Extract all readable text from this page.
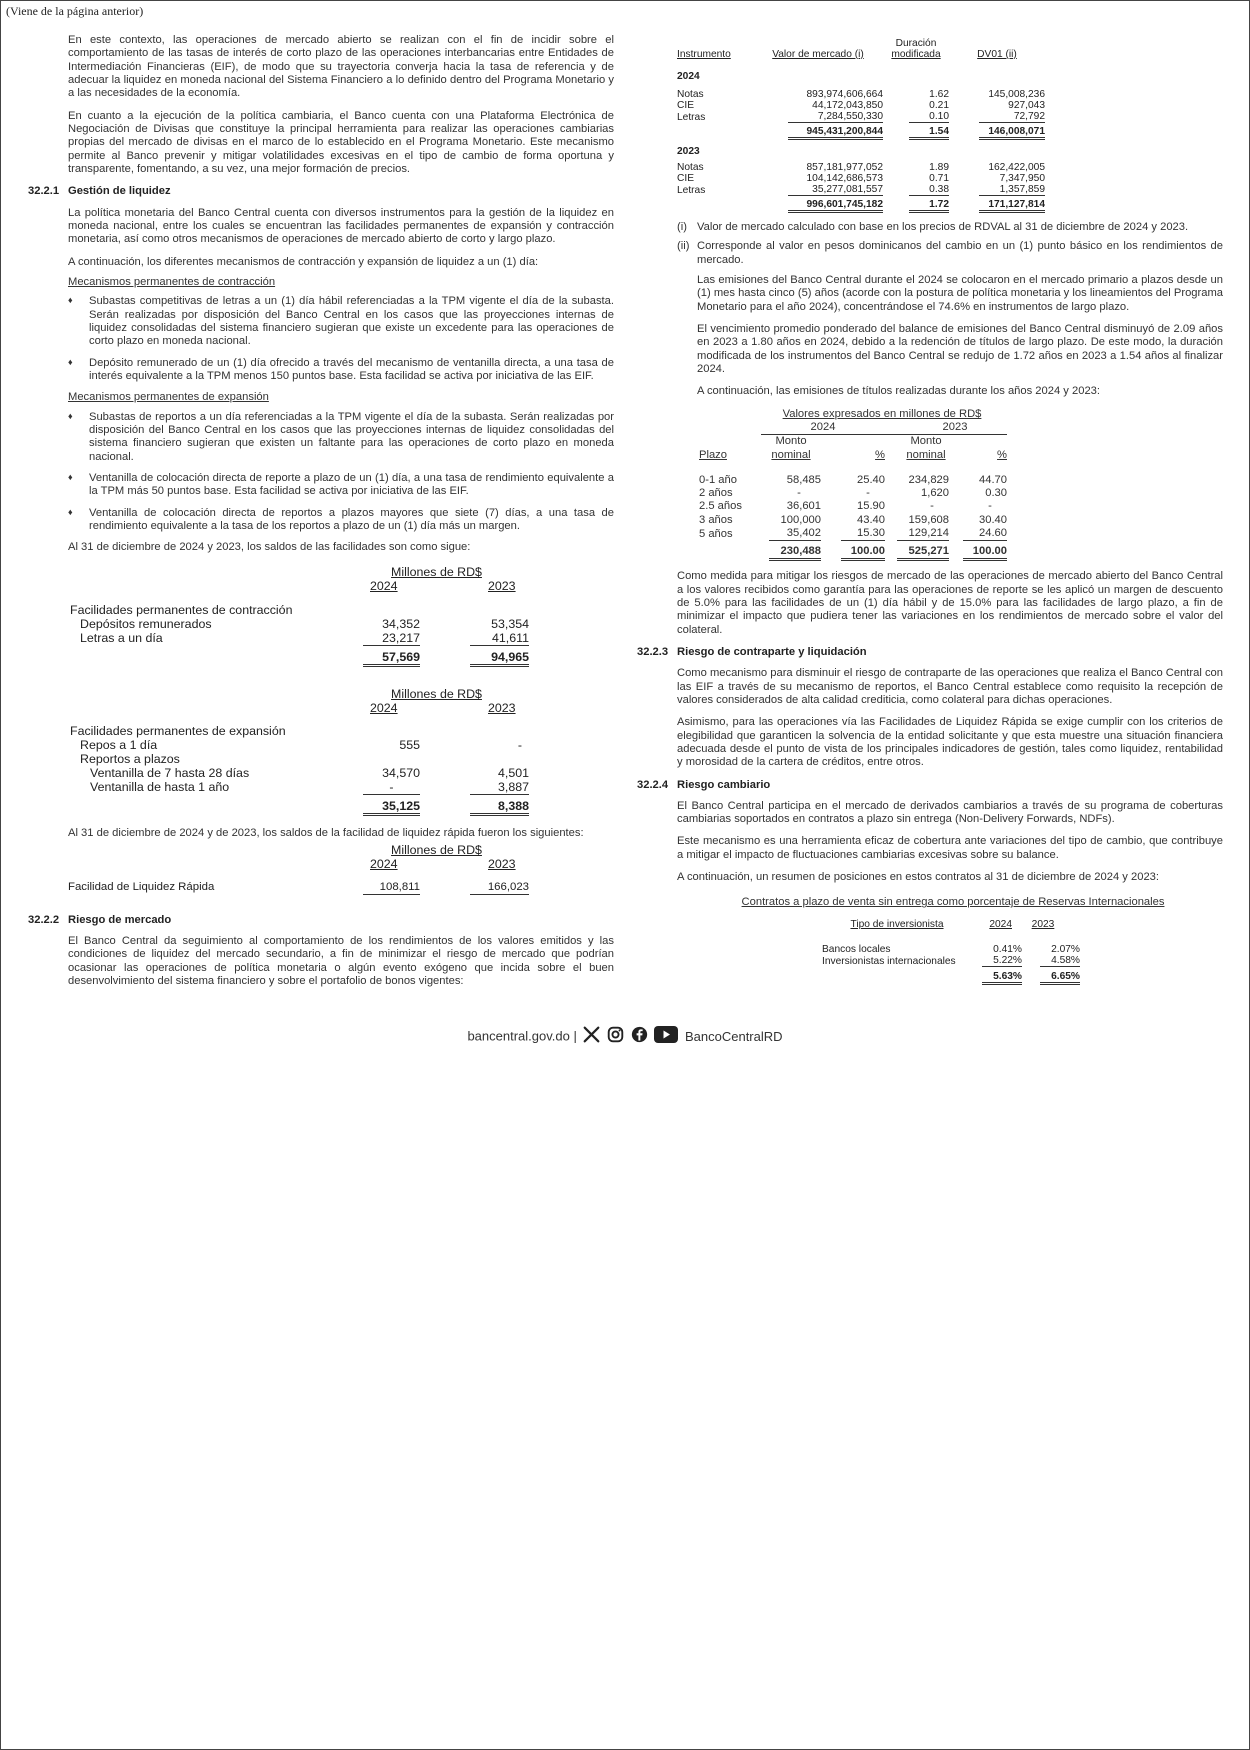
(Viene de la página anterior)

En este contexto, las operaciones de mercado abierto se realizan con el fin de incidir sobre el comportamiento de las tasas de interés de corto plazo de las operaciones interbancarias entre Entidades de Intermediación Financieras (EIF), de modo que su trayectoria converja hacia la tasa de referencia y de adecuar la liquidez en moneda nacional del Sistema Financiero a lo definido dentro del Programa Monetario y a las necesidades de la economía.

En cuanto a la ejecución de la política cambiaria, el Banco cuenta con una Plataforma Electrónica de Negociación de Divisas que constituye la principal herramienta para realizar las operaciones cambiarias propias del mercado de divisas en el marco de lo establecido en el Programa Monetario. Este mecanismo permite al Banco prevenir y mitigar volatilidades excesivas en el tipo de cambio de forma oportuna y transparente, fomentando, a su vez, una mejor formación de precios.

32.2.1 Gestión de liquidez

La política monetaria del Banco Central cuenta con diversos instrumentos para la gestión de la liquidez en moneda nacional, entre los cuales se encuentran las facilidades permanentes de expansión y contracción monetaria, así como otros mecanismos de operaciones de mercado abierto de corto y largo plazo.

A continuación, los diferentes mecanismos de contracción y expansión de liquidez a un (1) día:

Mecanismos permanentes de contracción
♦ Subastas competitivas de letras a un (1) día hábil referenciadas a la TPM vigente el día de la subasta. Serán realizadas por disposición del Banco Central en los casos que las proyecciones internas de liquidez consolidadas del sistema financiero sugieran que existe un excedente para las operaciones de corto plazo en moneda nacional.
♦ Depósito remunerado de un (1) día ofrecido a través del mecanismo de ventanilla directa, a una tasa de interés equivalente a la TPM menos 150 puntos base. Esta facilidad se activa por iniciativa de las EIF.
Mecanismos permanentes de expansión
♦ Subastas de reportos a un día referenciadas a la TPM vigente el día de la subasta. Serán realizadas por disposición del Banco Central en los casos que las proyecciones internas de liquidez consolidadas del sistema financiero sugieran que existen un faltante para las operaciones de corto plazo en moneda nacional.
♦ Ventanilla de colocación directa de reporte a plazo de un (1) día, a una tasa de rendimiento equivalente a la TPM más 50 puntos base. Esta facilidad se activa por iniciativa de las EIF.
♦ Ventanilla de colocación directa de reportos a plazos mayores que siete (7) días, a una tasa de rendimiento equivalente a la tasa de los reportos a plazo de un (1) día más un margen.

Al 31 de diciembre de 2024 y 2023, los saldos de las facilidades son como sigue:

Millones de RD$
2024	2023
Facilidades permanentes de contracción
Depósitos remunerados	34,352	53,354
Letras a un día	23,217	41,611
57,569	94,965
Millones de RD$
2024	2023
Facilidades permanentes de expansión
Repos a 1 día	555	-
Reportos a plazos
Ventanilla de 7 hasta 28 días	34,570	4,501
Ventanilla de hasta 1 año	-	3,887
35,125	8,388

Al 31 de diciembre de 2024 y de 2023, los saldos de la facilidad de liquidez rápida fueron los siguientes:

Millones de RD$
2024	2023
Facilidad de Liquidez Rápida	108,811	166,023
32.2.2 Riesgo de mercado

El Banco Central da seguimiento al comportamiento de los rendimientos de los valores emitidos y las condiciones de liquidez del mercado secundario, a fin de minimizar el riesgo de mercado que podrían ocasionar las operaciones de política monetaria o algún evento exógeno que incida sobre el buen desenvolvimiento del sistema financiero y sobre el portafolio de bonos vigentes:

		Duración	
Instrumento	Valor de mercado (i)	modificada	DV01 (ii)
2024			
Notas	893,974,606,664	1.62	145,008,236
CIE	44,172,043,850	0.21	927,043
Letras	7,284,550,330	0.10	72,792
	945,431,200,844	1.54	146,008,071
2023			
Notas	857,181,977,052	1.89	162,422,005
CIE	104,142,686,573	0.71	7,347,950
Letras	35,277,081,557	0.38	1,357,859
	996,601,745,182	1.72	171,127,814
(i) Valor de mercado calculado con base en los precios de RDVAL al 31 de diciembre de 2024 y 2023.
(ii) Corresponde al valor en pesos dominicanos del cambio en un (1) punto básico en los rendimientos de mercado.

Las emisiones del Banco Central durante el 2024 se colocaron en el mercado primario a plazos desde un (1) mes hasta cinco (5) años (acorde con la postura de política monetaria y los lineamientos del Programa Monetario para el año 2024), concentrándose el 74.6% en instrumentos de largo plazo.

El vencimiento promedio ponderado del balance de emisiones del Banco Central disminuyó de 2.09 años en 2023 a 1.80 años en 2024, debido a la redención de títulos de largo plazo. De este modo, la duración modificada de los instrumentos del Banco Central se redujo de 1.72 años en 2023 a 1.54 años al finalizar 2024.

A continuación, las emisiones de títulos realizadas durante los años 2024 y 2023:

	Valores expresados en millones de RD$			
	2024		2023	
	Monto		Monto	
Plazo	nominal	%	nominal	%
0-1 año	58,485	25.40	234,829	44.70
2 años	-	-	1,620	0.30
2.5 años	36,601	15.90	-	-
3 años	100,000	43.40	159,608	30.40
5 años	35,402	15.30	129,214	24.60
	230,488	100.00	525,271	100.00

Como medida para mitigar los riesgos de mercado de las operaciones de mercado abierto del Banco Central a los valores recibidos como garantía para las operaciones de reporte se les aplicó un margen de descuento de 5.0% para las facilidades de un (1) día hábil y de 15.0% para las facilidades de largo plazo, a fin de minimizar el impacto que pudiera tener las variaciones en los rendimientos de mercado sobre el valor del colateral.

32.2.3 Riesgo de contraparte y liquidación

Como mecanismo para disminuir el riesgo de contraparte de las operaciones que realiza el Banco Central con las EIF a través de su mecanismo de reportos, el Banco Central establece como requisito la recepción de valores considerados de alta calidad crediticia, como colateral para dichas operaciones.

Asimismo, para las operaciones vía las Facilidades de Liquidez Rápida se exige cumplir con los criterios de elegibilidad que garanticen la solvencia de la entidad solicitante y que esta muestre una situación financiera adecuada desde el punto de vista de los principales indicadores de gestión, tales como liquidez, rentabilidad y morosidad de la cartera de créditos, entre otros.

32.2.4 Riesgo cambiario

El Banco Central participa en el mercado de derivados cambiarios a través de su programa de coberturas cambiarias soportados en contratos a plazo sin entrega (Non-Delivery Forwards, NDFs).

Este mecanismo es una herramienta eficaz de cobertura ante variaciones del tipo de cambio, que contribuye a mitigar el impacto de fluctuaciones cambiarias excesivas sobre su balance.

A continuación, un resumen de posiciones en estos contratos al 31 de diciembre de 2024 y 2023:

Contratos a plazo de venta sin entrega como porcentaje de Reservas Internacionales
Tipo de inversionista	2024	2023
Bancos locales	0.41%	2.07%
Inversionistas internacionales	5.22%	4.58%
	5.63%	6.65%
bancentral.gov.do |	BancoCentralRD
